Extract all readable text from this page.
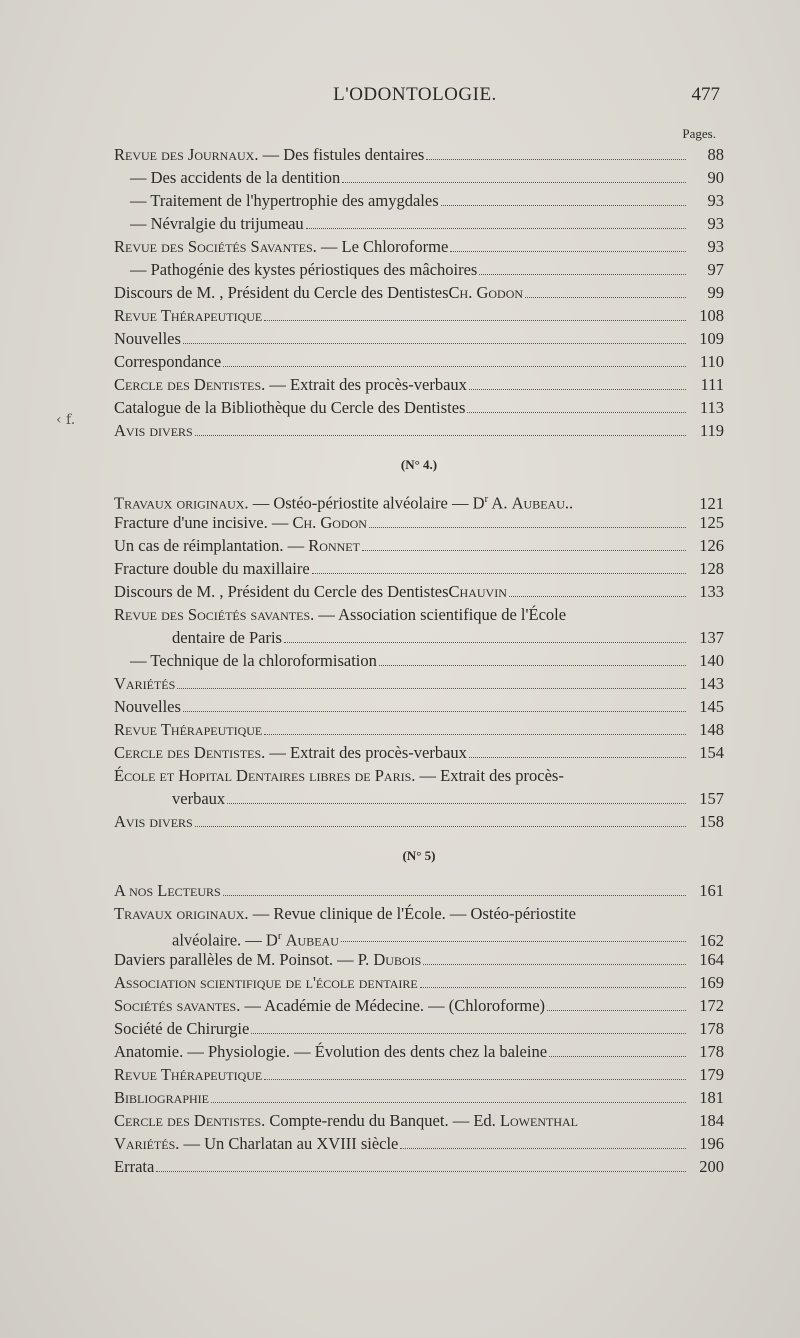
L'ODONTOLOGIE.	477
Pages.
‹ f.
Revue des Journaux. — Des fistules dentaires	88
— Des accidents de la dentition	90
— Traitement de l'hypertrophie des amygdales	93
— Névralgie du trijumeau	93
Revue des Sociétés Savantes. — Le Chloroforme	93
— Pathogénie des kystes périostiques des mâchoires	97
Discours de M. , Président du Cercle des DentistesCh. Godon	99
Revue Thérapeutique	108
Nouvelles	109
Correspondance	110
Cercle des Dentistes. — Extrait des procès-verbaux	111
Catalogue de la Bibliothèque du Cercle des Dentistes	113
Avis divers	119
(N° 4.)
Travaux originaux. — Ostéo-périostite alvéolaire — $D^r$ A. Aubeau..	121
Fracture d'une incisive. — Ch. Godon	125
Un cas de réimplantation. — Ronnet	126
Fracture double du maxillaire	128
Discours de M. , Président du Cercle des DentistesChauvin	133
Revue des Sociétés savantes. — Association scientifique de l'École
dentaire de Paris	137
— Technique de la chloroformisation	140
Variétés	143
Nouvelles	145
Revue Thérapeutique	148
Cercle des Dentistes. — Extrait des procès-verbaux	154
École et Hopital Dentaires libres de Paris. — Extrait des procès-
verbaux	157
Avis divers	158
(N° 5)
A nos Lecteurs	161
Travaux originaux. — Revue clinique de l'École. — Ostéo-périostite
alvéolaire. — $D^r$ Aubeau	162
Daviers parallèles de M. Poinsot. — P. Dubois	164
Association scientifique de l'école dentaire	169
Sociétés savantes. — Académie de Médecine. — (Chloroforme)	172
Société de Chirurgie	178
Anatomie. — Physiologie. — Évolution des dents chez la baleine	178
Revue Thérapeutique	179
Bibliographie	181
Cercle des Dentistes. Compte-rendu du Banquet. — Ed. Lowenthal	184
Variétés. — Un Charlatan au XVIII siècle	196
Errata	200
